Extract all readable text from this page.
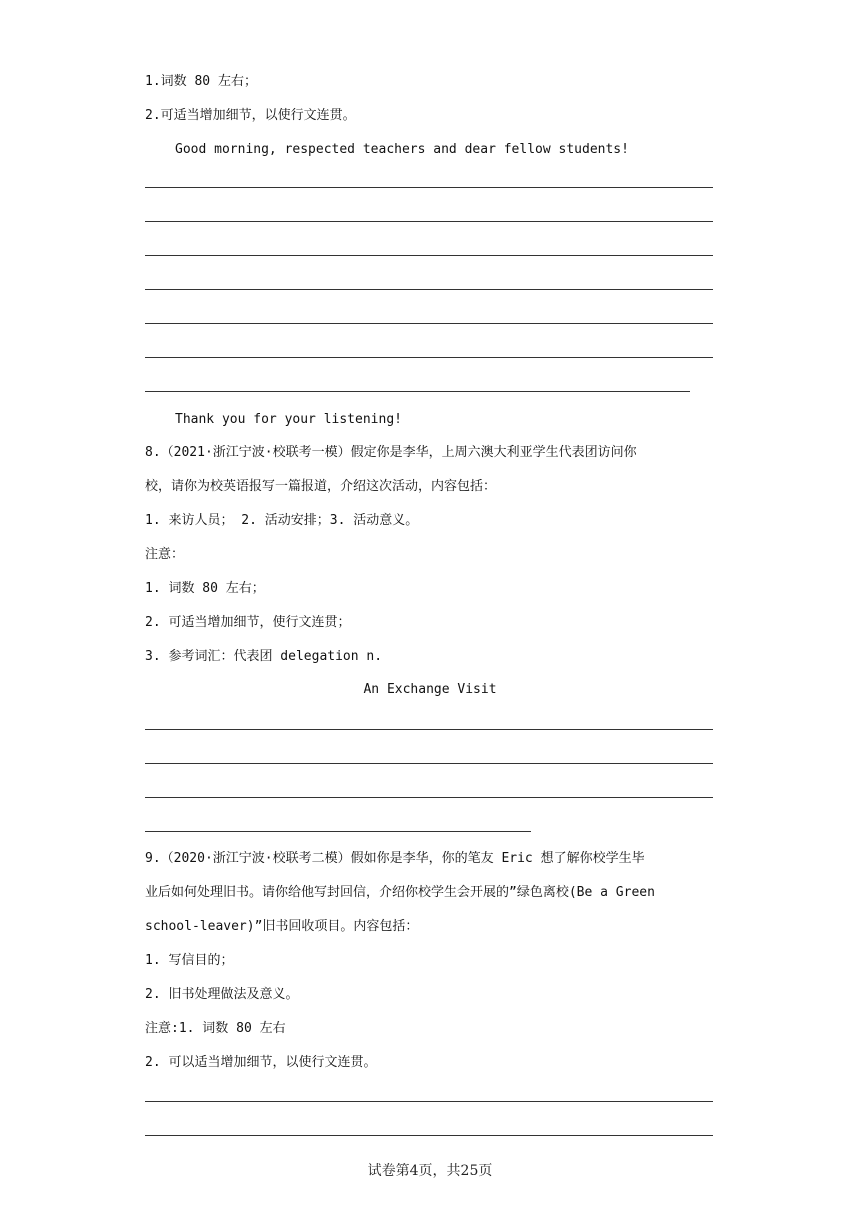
1.词数 80 左右；
2.可适当增加细节，以使行文连贯。
Good morning, respected teachers and dear fellow students!
Thank you for your listening!
8.（2021·浙江宁波·校联考一模）假定你是李华，上周六澳大利亚学生代表团访问你
校，请你为校英语报写一篇报道，介绍这次活动，内容包括：
1. 来访人员； 2. 活动安排；3. 活动意义。
注意：
1. 词数 80 左右；
2. 可适当增加细节，使行文连贯；
3. 参考词汇：代表团 delegation n.
An Exchange Visit
9.（2020·浙江宁波·校联考二模）假如你是李华，你的笔友 Eric 想了解你校学生毕
业后如何处理旧书。请你给他写封回信，介绍你校学生会开展的”绿色离校(Be a Green
school-leaver)”旧书回收项目。内容包括：
1. 写信目的；
2. 旧书处理做法及意义。
注意:1. 词数 80 左右
2. 可以适当增加细节，以使行文连贯。
试卷第4页，共25页
